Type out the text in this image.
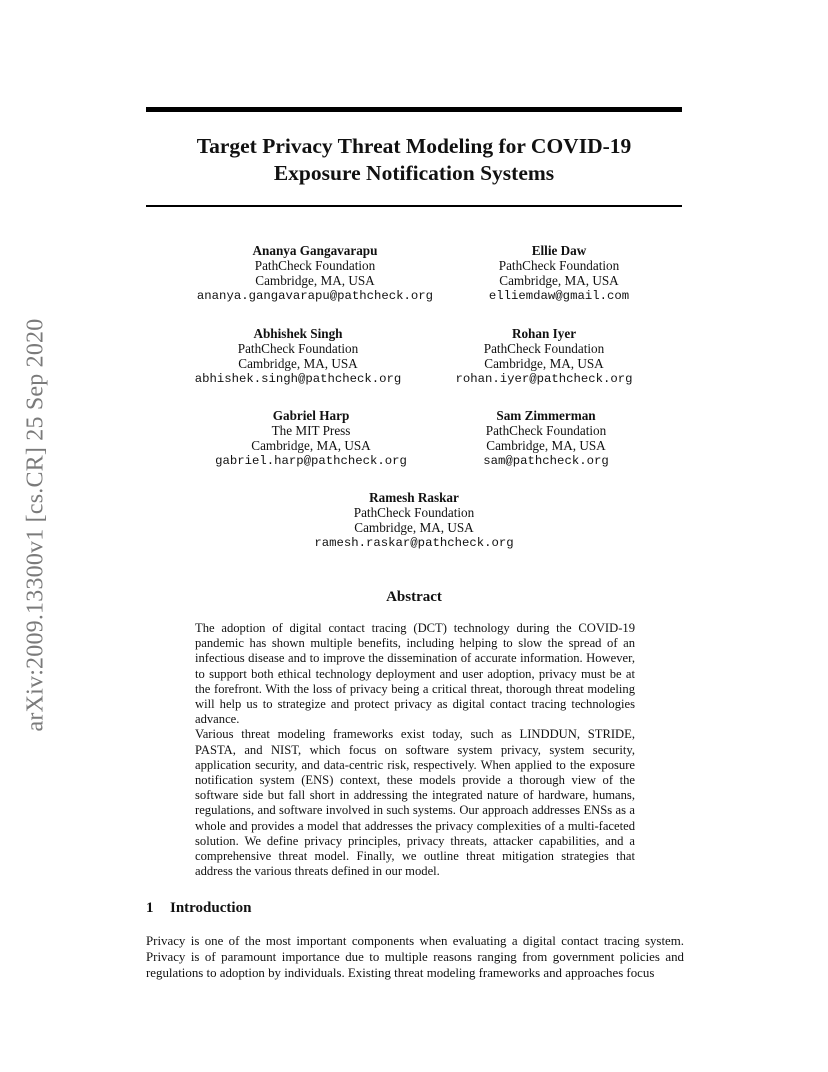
arXiv:2009.13300v1 [cs.CR] 25 Sep 2020
Target Privacy Threat Modeling for COVID-19
Exposure Notification Systems
Ananya Gangavarapu
PathCheck Foundation
Cambridge, MA, USA
ananya.gangavarapu@pathcheck.org
Ellie Daw
PathCheck Foundation
Cambridge, MA, USA
elliemdaw@gmail.com
Abhishek Singh
PathCheck Foundation
Cambridge, MA, USA
abhishek.singh@pathcheck.org
Rohan Iyer
PathCheck Foundation
Cambridge, MA, USA
rohan.iyer@pathcheck.org
Gabriel Harp
The MIT Press
Cambridge, MA, USA
gabriel.harp@pathcheck.org
Sam Zimmerman
PathCheck Foundation
Cambridge, MA, USA
sam@pathcheck.org
Ramesh Raskar
PathCheck Foundation
Cambridge, MA, USA
ramesh.raskar@pathcheck.org
Abstract

The adoption of digital contact tracing (DCT) technology during the COVID-19 pandemic has shown multiple benefits, including helping to slow the spread of an infectious disease and to improve the dissemination of accurate information. However, to support both ethical technology deployment and user adoption, privacy must be at the forefront. With the loss of privacy being a critical threat, thorough threat modeling will help us to strategize and protect privacy as digital contact tracing technologies advance.

Various threat modeling frameworks exist today, such as LINDDUN, STRIDE, PASTA, and NIST, which focus on software system privacy, system security, application security, and data-centric risk, respectively. When applied to the exposure notification system (ENS) context, these models provide a thorough view of the software side but fall short in addressing the integrated nature of hardware, humans, regulations, and software involved in such systems. Our approach addresses ENSs as a whole and provides a model that addresses the privacy complexities of a multi-faceted solution. We define privacy principles, privacy threats, attacker capabilities, and a comprehensive threat model. Finally, we outline threat mitigation strategies that address the various threats defined in our model.

1 Introduction

Privacy is one of the most important components when evaluating a digital contact tracing system. Privacy is of paramount importance due to multiple reasons ranging from government policies and regulations to adoption by individuals. Existing threat modeling frameworks and approaches focus
